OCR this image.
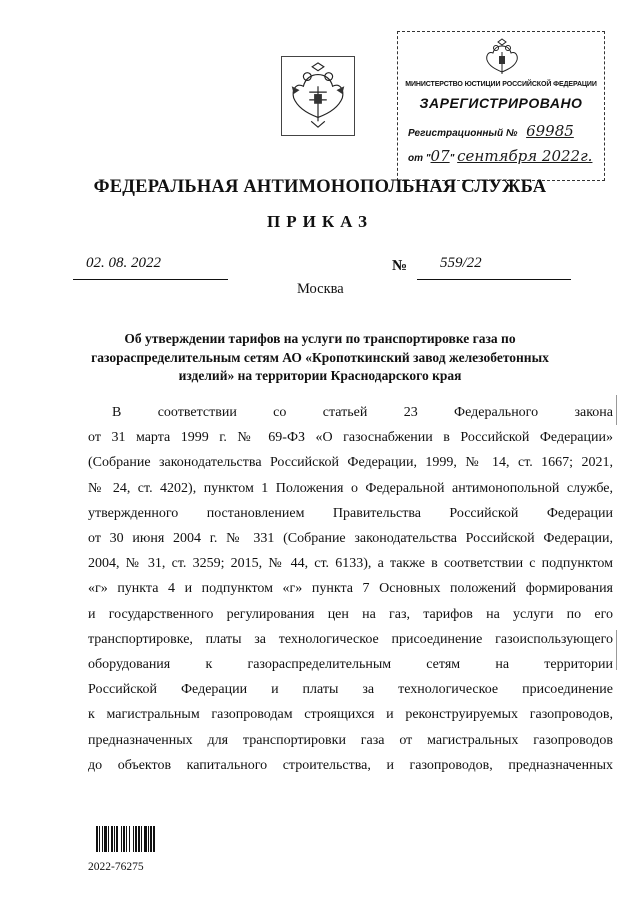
МИНИСТЕРСТВО ЮСТИЦИИ РОССИЙСКОЙ ФЕДЕРАЦИИ
ЗАРЕГИСТРИРОВАНО
Регистрационный № 69985
от "07" сентября 2022г.
ФЕДЕРАЛЬНАЯ АНТИМОНОПОЛЬНАЯ СЛУЖБА
ПРИКАЗ
02. 08. 2022	№ 559/22
Москва
Об утверждении тарифов на услуги по транспортировке газа по
газораспределительным сетям АО «Кропоткинский завод железобетонных
изделий» на территории Краснодарского края
В соответствии со статьей 23 Федерального закона
от 31 марта 1999 г. № 69-ФЗ «О газоснабжении в Российской Федерации»
(Собрание законодательства Российской Федерации, 1999, № 14, ст. 1667; 2021,
№ 24, ст. 4202), пунктом 1 Положения о Федеральной антимонопольной службе,
утвержденного постановлением Правительства Российской Федерации
от 30 июня 2004 г. № 331 (Собрание законодательства Российской Федерации,
2004, № 31, ст. 3259; 2015, № 44, ст. 6133), а также в соответствии с подпунктом
«г» пункта 4 и подпунктом «г» пункта 7 Основных положений формирования
и государственного регулирования цен на газ, тарифов на услуги по его
транспортировке, платы за технологическое присоединение газоиспользующего
оборудования к газораспределительным сетям на территории
Российской Федерации и платы за технологическое присоединение
к магистральным газопроводам строящихся и реконструируемых газопроводов,
предназначенных для транспортировки газа от магистральных газопроводов
до объектов капитального строительства, и газопроводов, предназначенных
2022-76275
